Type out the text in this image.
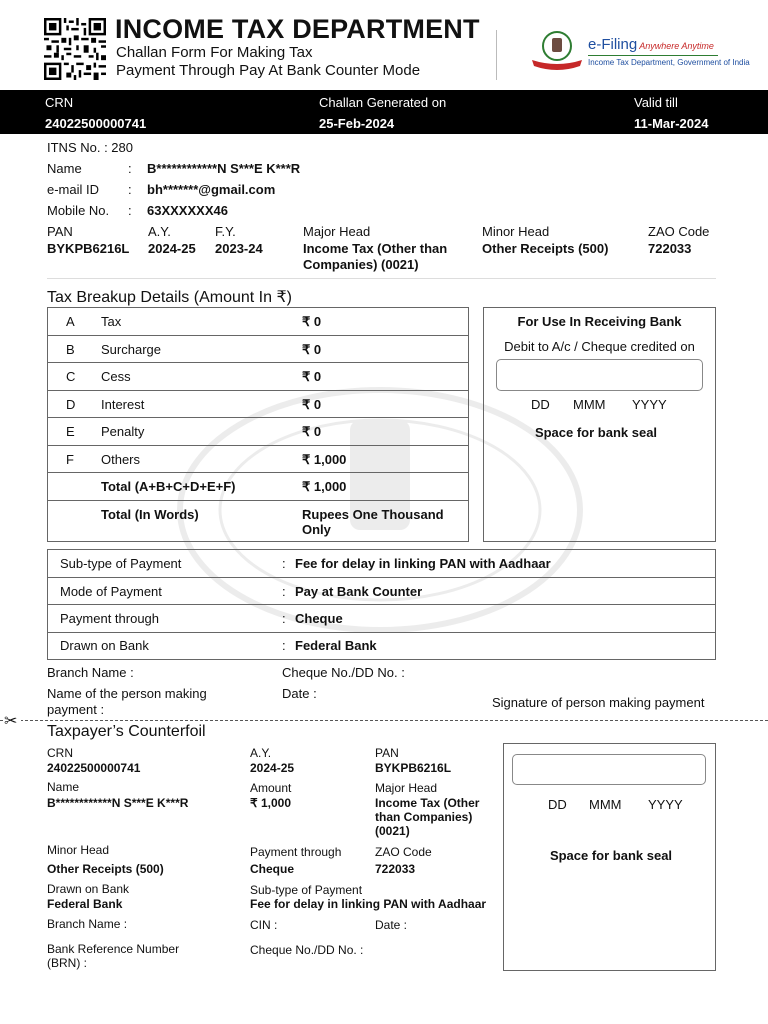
INCOME TAX DEPARTMENT
Challan Form For Making Tax
Payment Through Pay At Bank Counter Mode
e-Filing Anywhere Anytime
Income Tax Department, Government of India
CRN
24022500000741
Challan Generated on
25-Feb-2024
Valid till
11-Mar-2024
ITNS No. : 280
Name	: B************N S***E K***R
e-mail ID : bh*******@gmail.com
Mobile No. : 63XXXXXX46
PAN
BYKPB6216L
A.Y.
2024-25
F.Y.
2023-24
Major Head
Income Tax (Other than
Companies) (0021)
Minor Head
Other Receipts (500)
ZAO Code
722033
Tax Breakup Details (Amount In ₹)
A Tax	₹ 0
B Surcharge	₹ 0
C Cess	₹ 0
D Interest	₹ 0
E Penalty	₹ 0
F Others	₹ 1,000
Total (A+B+C+D+E+F)	₹ 1,000
Total (In Words)	Rupees One Thousand
Only
For Use In Receiving Bank
Debit to A/c / Cheque credited on
DD MMM YYYY
Space for bank seal
Sub-type of Payment	: Fee for delay in linking PAN with Aadhaar
Mode of Payment	: Pay at Bank Counter
Payment through	: Cheque
Drawn on Bank	: Federal Bank
Branch Name :	Cheque No./DD No. :
Name of the person making
payment :
Date :
Signature of person making payment
✂
Taxpayer’s Counterfoil
CRN
24022500000741
A.Y.
2024-25
PAN
BYKPB6216L
Name
B************N S***E K***R
Amount
₹ 1,000
Major Head
Income Tax (Other
than Companies)
(0021)
Minor Head
Other Receipts (500)
Payment through
Cheque
ZAO Code
722033
Drawn on Bank
Federal Bank
Sub-type of Payment
Fee for delay in linking PAN with Aadhaar
Branch Name :	CIN :	Date :
Bank Reference Number
(BRN) :
Cheque No./DD No. :
DD MMM YYYY
Space for bank seal
